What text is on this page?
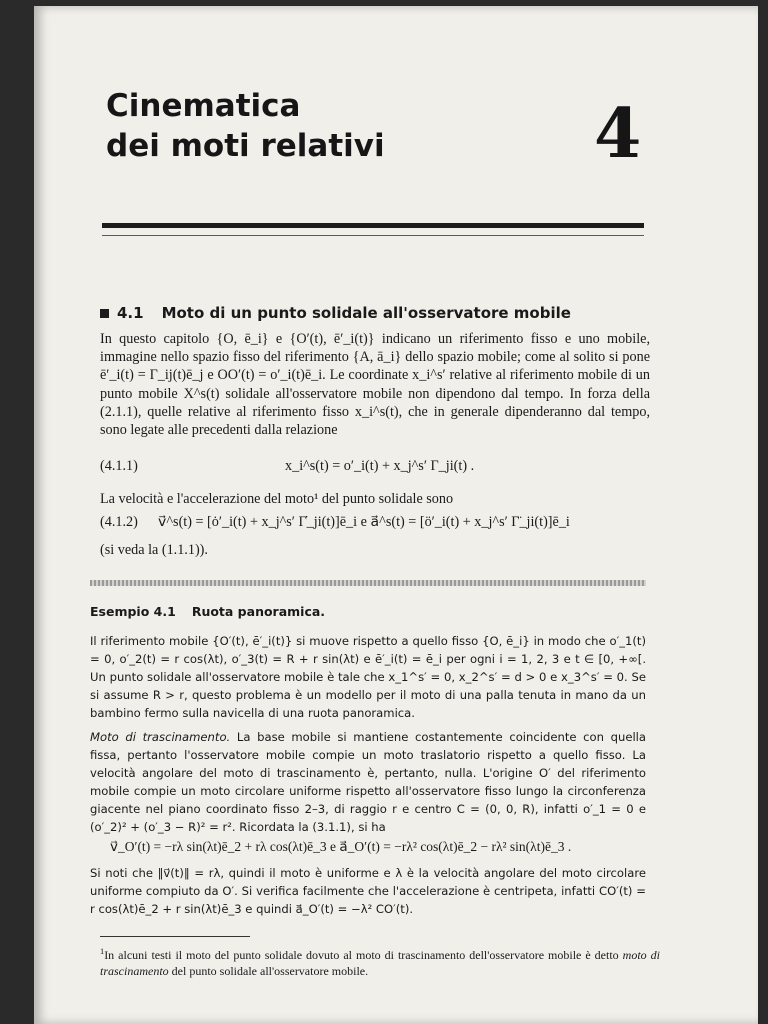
Cinematica
dei moti relativi	4
4.1 Moto di un punto solidale all'osservatore mobile
In questo capitolo {O, ē_i} e {O′(t), ē′_i(t)} indicano un riferimento fisso e uno mobile, immagine nello spazio fisso del riferimento {A, ā_i} dello spazio mobile; come al solito si pone ē′_i(t) = Γ_ij(t)ē_j e OO′(t) = o′_i(t)ē_i. Le coordinate x_i^s′ relative al riferimento mobile di un punto mobile X^s(t) solidale all'osservatore mobile non dipendono dal tempo. In forza della (2.1.1), quelle relative al riferimento fisso x_i^s(t), che in generale dipenderanno dal tempo, sono legate alle precedenti dalla relazione
(4.1.1)	x_i^s(t) = o′_i(t) + x_j^s′ Γ_ji(t) .
La velocità e l'accelerazione del moto¹ del punto solidale sono
(4.1.2) v⃗^s(t) = [ȯ′_i(t) + x_j^s′ Γ̇_ji(t)]ē_i e a⃗^s(t) = [ö′_i(t) + x_j^s′ Γ̈_ji(t)]ē_i
(si veda la (1.1.1)).
Esempio 4.1 Ruota panoramica.
Il riferimento mobile {O′(t), ē′_i(t)} si muove rispetto a quello fisso {O, ē_i} in modo che o′_1(t) = 0, o′_2(t) = r cos(λt), o′_3(t) = R + r sin(λt) e ē′_i(t) = ē_i per ogni i = 1, 2, 3 e t ∈ [0, +∞[. Un punto solidale all'osservatore mobile è tale che x_1^s′ = 0, x_2^s′ = d > 0 e x_3^s′ = 0. Se si assume R > r, questo problema è un modello per il moto di una palla tenuta in mano da un bambino fermo sulla navicella di una ruota panoramica.
Moto di trascinamento. La base mobile si mantiene costantemente coincidente con quella fissa, pertanto l'osservatore mobile compie un moto traslatorio rispetto a quello fisso. La velocità angolare del moto di trascinamento è, pertanto, nulla. L'origine O′ del riferimento mobile compie un moto circolare uniforme rispetto all'osservatore fisso lungo la circonferenza giacente nel piano coordinato fisso 2–3, di raggio r e centro C = (0, 0, R), infatti o′_1 = 0 e (o′_2)² + (o′_3 − R)² = r². Ricordata la (3.1.1), si ha
v⃗_O′(t) = −rλ sin(λt)ē_2 + rλ cos(λt)ē_3 e a⃗_O′(t) = −rλ² cos(λt)ē_2 − rλ² sin(λt)ē_3 .
Si noti che ‖v⃗(t)‖ = rλ, quindi il moto è uniforme e λ è la velocità angolare del moto circolare uniforme compiuto da O′. Si verifica facilmente che l'accelerazione è centripeta, infatti CO′(t) = r cos(λt)ē_2 + r sin(λt)ē_3 e quindi a⃗_O′(t) = −λ² CO′(t).
$^1$In alcuni testi il moto del punto solidale dovuto al moto di trascinamento dell'osservatore mobile è detto moto di trascinamento del punto solidale all'osservatore mobile.
